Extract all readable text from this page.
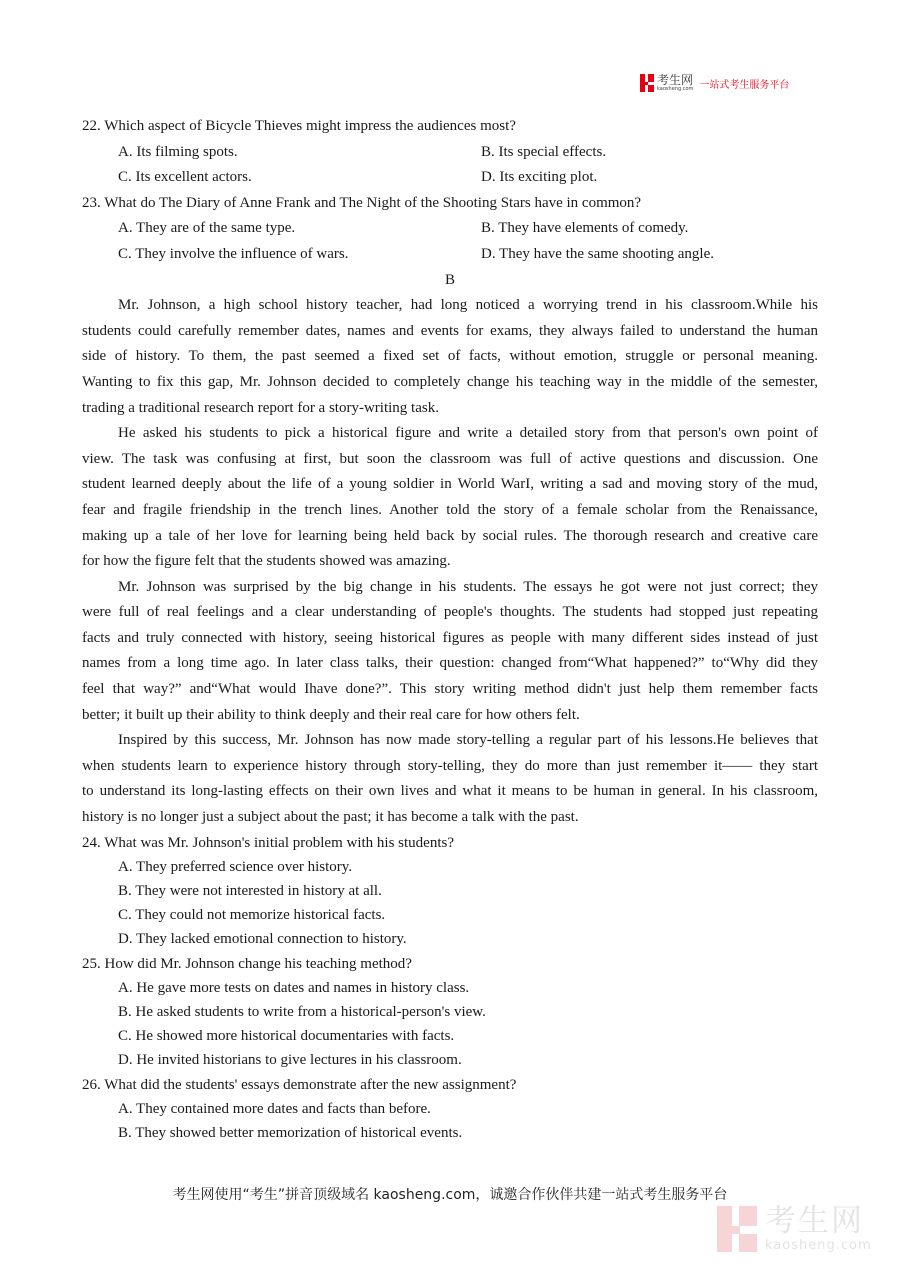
考生网
kaosheng.com 一站式考生服务平台
22. Which aspect of Bicycle Thieves might impress the audiences most?
A. Its filming spots.	B. Its special effects.
C. Its excellent actors.	D. Its exciting plot.
23. What do The Diary of Anne Frank and The Night of the Shooting Stars have in common?
A. They are of the same type.	B. They have elements of comedy.
C. They involve the influence of wars.	D. They have the same shooting angle.
B
Mr. Johnson, a high school history teacher, had long noticed a worrying trend in his classroom.While his
students could carefully remember dates, names and events for exams, they always failed to understand the human
side of history. To them, the past seemed a fixed set of facts, without emotion, struggle or personal meaning.
Wanting to fix this gap, Mr. Johnson decided to completely change his teaching way in the middle of the semester,
trading a traditional research report for a story-writing task.
He asked his students to pick a historical figure and write a detailed story from that person's own point of
view. The task was confusing at first, but soon the classroom was full of active questions and discussion. One
student learned deeply about the life of a young soldier in World WarI, writing a sad and moving story of the mud,
fear and fragile friendship in the trench lines. Another told the story of a female scholar from the Renaissance,
making up a tale of her love for learning being held back by social rules. The thorough research and creative care
for how the figure felt that the students showed was amazing.
Mr. Johnson was surprised by the big change in his students. The essays he got were not just correct; they
were full of real feelings and a clear understanding of people's thoughts. The students had stopped just repeating
facts and truly connected with history, seeing historical figures as people with many different sides instead of just
names from a long time ago. In later class talks, their question: changed from“What happened?” to“Why did they
feel that way?” and“What would Ihave done?”. This story writing method didn't just help them remember facts
better; it built up their ability to think deeply and their real care for how others felt.
Inspired by this success, Mr. Johnson has now made story-telling a regular part of his lessons.He believes that
when students learn to experience history through story-telling, they do more than just remember it—— they start
to understand its long-lasting effects on their own lives and what it means to be human in general. In his classroom,
history is no longer just a subject about the past; it has become a talk with the past.
24. What was Mr. Johnson's initial problem with his students?
A. They preferred science over history.
B. They were not interested in history at all.
C. They could not memorize historical facts.
D. They lacked emotional connection to history.
25. How did Mr. Johnson change his teaching method?
A. He gave more tests on dates and names in history class.
B. He asked students to write from a historical-person's view.
C. He showed more historical documentaries with facts.
D. He invited historians to give lectures in his classroom.
26. What did the students' essays demonstrate after the new assignment?
A. They contained more dates and facts than before.
B. They showed better memorization of historical events.
考生网使用“考生”拼音顶级域名 kaosheng.com，诚邀合作伙伴共建一站式考生服务平台
考生网
kaosheng.com
